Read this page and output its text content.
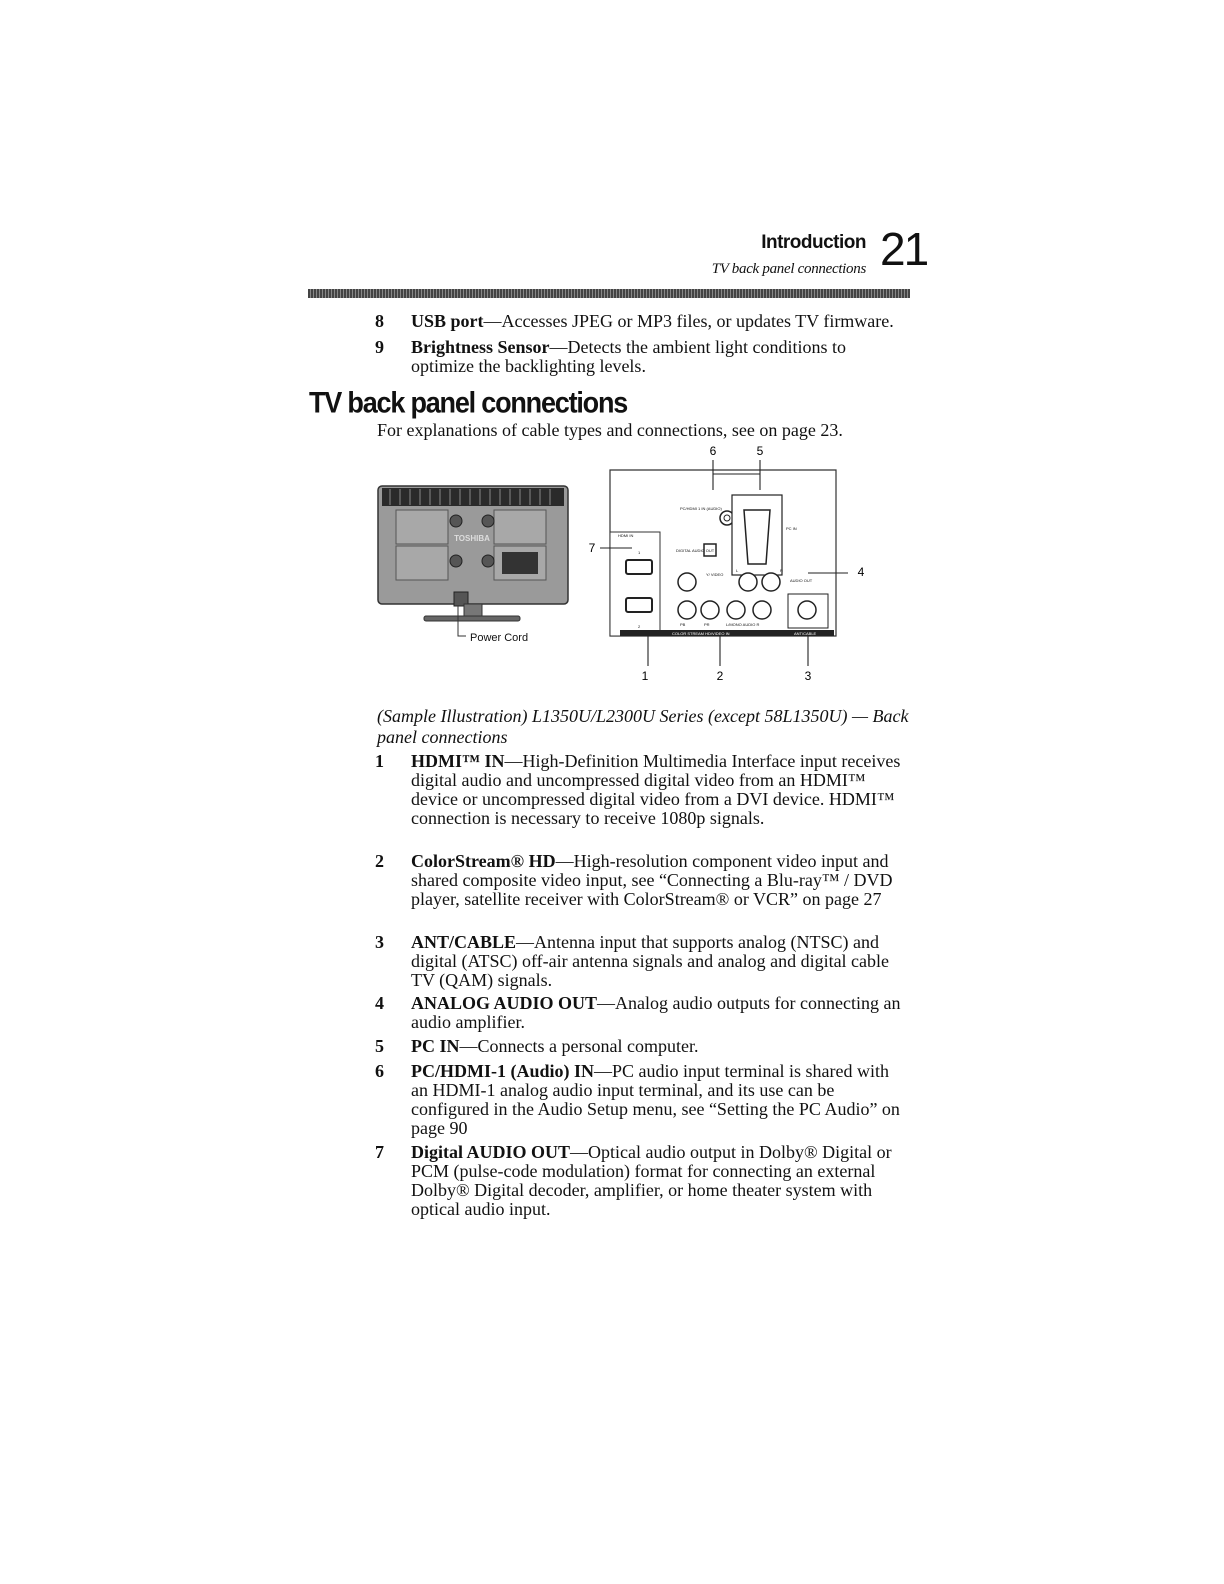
Introduction
TV back panel connections 21
8 USB port—Accesses JPEG or MP3 files, or updates TV firmware.
9 Brightness Sensor—Detects the ambient light conditions to optimize the backlighting levels.
TV back panel connections
For explanations of cable types and connections, see on page 23.
TOSHIBA
Power Cord
HDMI IN
1
2
PC/HDMI 1 IN (AUDIO)
DIGITAL AUDIO OUT
PC IN
Y/ VIDEO
L	R
AUDIO OUT
PB	PR	L/MONO AUDIO R
COLOR STREAM HD/VIDEO IN	ANT/CABLE
6	5
7
4
1	2	3
(Sample Illustration) L1350U/L2300U Series (except 58L1350U) — Back panel connections
1 HDMI™ IN—High-Definition Multimedia Interface input receives digital audio and uncompressed digital video from an HDMI™ device or uncompressed digital video from a DVI device. HDMI™ connection is necessary to receive 1080p signals.
2 ColorStream® HD—High-resolution component video input and shared composite video input, see “Connecting a Blu-ray™ / DVD player, satellite receiver with ColorStream® or VCR” on page 27
3 ANT/CABLE—Antenna input that supports analog (NTSC) and digital (ATSC) off-air antenna signals and analog and digital cable TV (QAM) signals.
4 ANALOG AUDIO OUT—Analog audio outputs for connecting an audio amplifier.
5 PC IN—Connects a personal computer.
6 PC/HDMI-1 (Audio) IN—PC audio input terminal is shared with an HDMI-1 analog audio input terminal, and its use can be configured in the Audio Setup menu, see “Setting the PC Audio” on page 90
7 Digital AUDIO OUT—Optical audio output in Dolby® Digital or PCM (pulse-code modulation) format for connecting an external Dolby® Digital decoder, amplifier, or home theater system with optical audio input.
